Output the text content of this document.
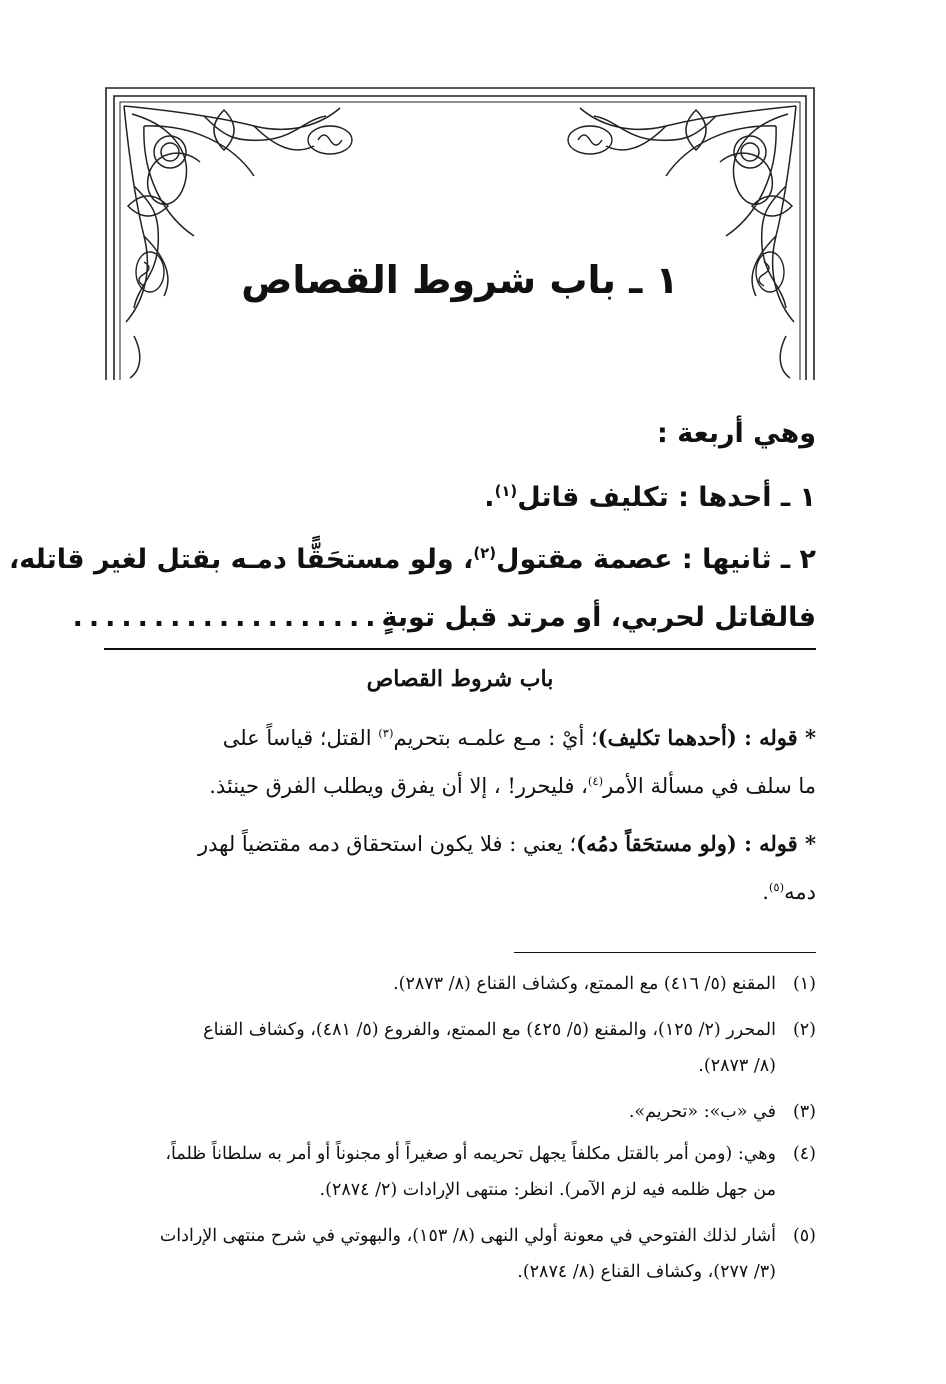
١ ـ باب شروط القصاص

وهي أربعة :

١ ـ أحدها : تكليف قاتل$^{(١)}$.

٢ ـ ثانيها : عصمة مقتول$^{(٢)}$، ولو مستحَقًّا دمـه بقتل لغير قاتله،

فالقاتل لحربي، أو مرتد قبل توبةٍ...................

باب شروط القصاص

* قوله : (أحدهما تكليف)؛ أيْ : مـع علمـه بتحريم$^{(٣)}$ القتل؛ قياساً على
ما سلف في مسألة الأمر$^{(٤)}$، فليحرر! ، إلا أن يفرق ويطلب الفرق حينئذ.

* قوله : (ولو مستحَقاً دمُه)؛ يعني : فلا يكون استحقاق دمه مقتضياً لهدر
دمه$^{(٥)}$.

(١)المقنع (٥/ ٤١٦) مع الممتع، وكشاف القناع (٨/ ٢٨٧٣).

(٢)المحرر (٢/ ١٢٥)، والمقنع (٥/ ٤٢٥) مع الممتع، والفروع (٥/ ٤٨١)، وكشاف القناع
(٨/ ٢٨٧٣).

(٣)في «ب»: «تحريم».

(٤)وهي: (ومن أمر بالقتل مكلفاً يجهل تحريمه أو صغيراً أو مجنوناً أو أمر به سلطاناً ظلماً،
من جهل ظلمه فيه لزم الآمر). انظر: منتهى الإرادات (٢/ ٢٨٧٤).

(٥)أشار لذلك الفتوحي في معونة أولي النهى (٨/ ١٥٣)، والبهوتي في شرح منتهى الإرادات
(٣/ ٢٧٧)، وكشاف القناع (٨/ ٢٨٧٤).
